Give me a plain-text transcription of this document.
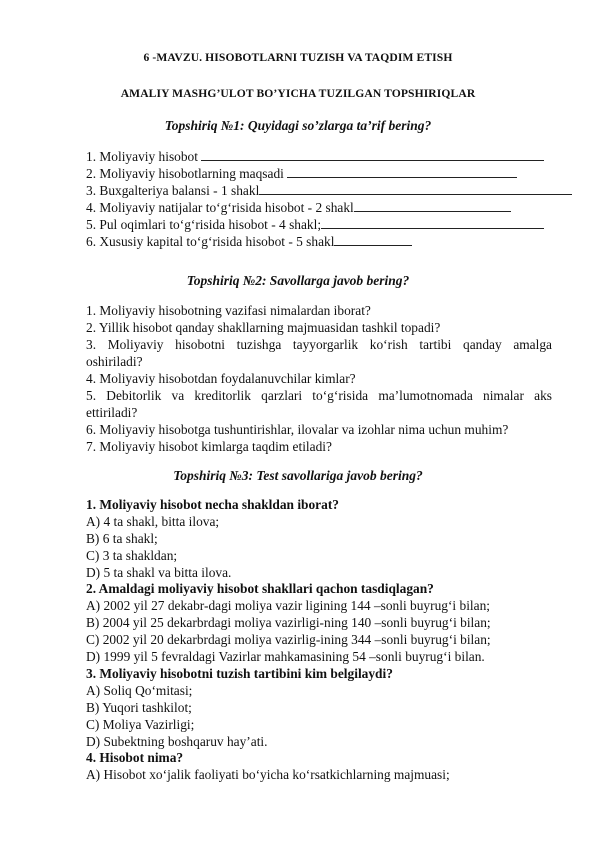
6 -MAVZU. HISOBOTLARNI TUZISH VA TAQDIM ETISH
AMALIY MASHG’ULOT BO’YICHA TUZILGAN TOPSHIRIQLAR
Topshiriq №1: Quyidagi so’zlarga ta’rif bering?
1. Moliyaviy hisobot
2. Moliyaviy hisobotlarning maqsadi
3. Buxgalteriya balansi - 1 shakl
4. Moliyaviy natijalar to‘g‘risida hisobot - 2 shakl
5. Pul oqimlari to‘g‘risida hisobot - 4 shakl;
6. Xususiy kapital to‘g‘risida hisobot - 5 shakl
Topshiriq №2: Savollarga javob bering?
1. Moliyaviy hisobotning vazifasi nimalardan iborat?
2. Yillik hisobot qanday shakllarning majmuasidan tashkil topadi?
3. Moliyaviy hisobotni tuzishga tayyorgarlik ko‘rish tartibi qanday amalga
oshiriladi?
4. Moliyaviy hisobotdan foydalanuvchilar kimlar?
5. Debitorlik va kreditorlik qarzlari to‘g‘risida ma’lumotnomada nimalar aks
ettiriladi?
6. Moliyaviy hisobotga tushuntirishlar, ilovalar va izohlar nima uchun muhim?
7. Moliyaviy hisobot kimlarga taqdim etiladi?
Topshiriq №3: Test savollariga javob bering?
1. Moliyaviy hisobot necha shakldan iborat?
A) 4 ta shakl, bitta ilova;
B) 6 ta shakl;
C) 3 ta shakldan;
D) 5 ta shakl va bitta ilova.
2. Amaldagi moliyaviy hisobot shakllari qachon tasdiqlagan?
A) 2002 yil 27 dekabr-dagi moliya vazir ligining 144 –sonli buyrug‘i bilan;
B) 2004 yil 25 dekarbrdagi moliya vazirligi-ning 140 –sonli buyrug‘i bilan;
C) 2002 yil 20 dekarbrdagi moliya vazirlig-ining 344 –sonli buyrug‘i bilan;
D) 1999 yil 5 fevraldagi Vazirlar mahkamasining 54 –sonli buyrug‘i bilan.
3. Moliyaviy hisobotni tuzish tartibini kim belgilaydi?
A) Soliq Qo‘mitasi;
B) Yuqori tashkilot;
C) Moliya Vazirligi;
D) Subektning boshqaruv hay’ati.
4. Hisobot nima?
A) Hisobot xo‘jalik faoliyati bo‘yicha ko‘rsatkichlarning majmuasi;
